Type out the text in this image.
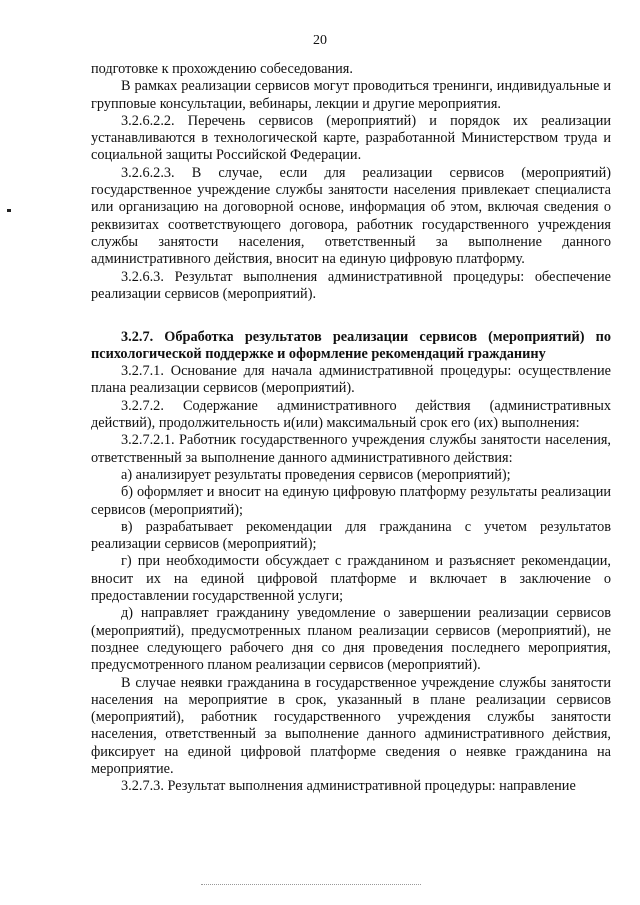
20

подготовке к прохождению собеседования.

В рамках реализации сервисов могут проводиться тренинги, индивидуальные и групповые консультации, вебинары, лекции и другие мероприятия.

3.2.6.2.2. Перечень сервисов (мероприятий) и порядок их реализации устанавливаются в технологической карте, разработанной Министерством труда и социальной защиты Российской Федерации.

3.2.6.2.3. В случае, если для реализации сервисов (мероприятий) государственное учреждение службы занятости населения привлекает специалиста или организацию на договорной основе, информация об этом, включая сведения о реквизитах соответствующего договора, работник государственного учреждения службы занятости населения, ответственный за выполнение данного административного действия, вносит на единую цифровую платформу.

3.2.6.3. Результат выполнения административной процедуры: обеспечение реализации сервисов (мероприятий).

3.2.7. Обработка результатов реализации сервисов (мероприятий) по психологической поддержке и оформление рекомендаций гражданину

3.2.7.1. Основание для начала административной процедуры: осуществление плана реализации сервисов (мероприятий).

3.2.7.2. Содержание административного действия (административных действий), продолжительность и(или) максимальный срок его (их) выполнения:

3.2.7.2.1. Работник государственного учреждения службы занятости населения, ответственный за выполнение данного административного действия:

а) анализирует результаты проведения сервисов (мероприятий);

б) оформляет и вносит на единую цифровую платформу результаты реализации сервисов (мероприятий);

в) разрабатывает рекомендации для гражданина с учетом результатов реализации сервисов (мероприятий);

г) при необходимости обсуждает с гражданином и разъясняет рекомендации, вносит их на единой цифровой платформе и включает в заключение о предоставлении государственной услуги;

д) направляет гражданину уведомление о завершении реализации сервисов (мероприятий), предусмотренных планом реализации сервисов (мероприятий), не позднее следующего рабочего дня со дня проведения последнего мероприятия, предусмотренного планом реализации сервисов (мероприятий).

В случае неявки гражданина в государственное учреждение службы занятости населения на мероприятие в срок, указанный в плане реализации сервисов (мероприятий), работник государственного учреждения службы занятости населения, ответственный за выполнение данного административного действия, фиксирует на единой цифровой платформе сведения о неявке гражданина на мероприятие.

3.2.7.3. Результат выполнения административной процедуры: направление
